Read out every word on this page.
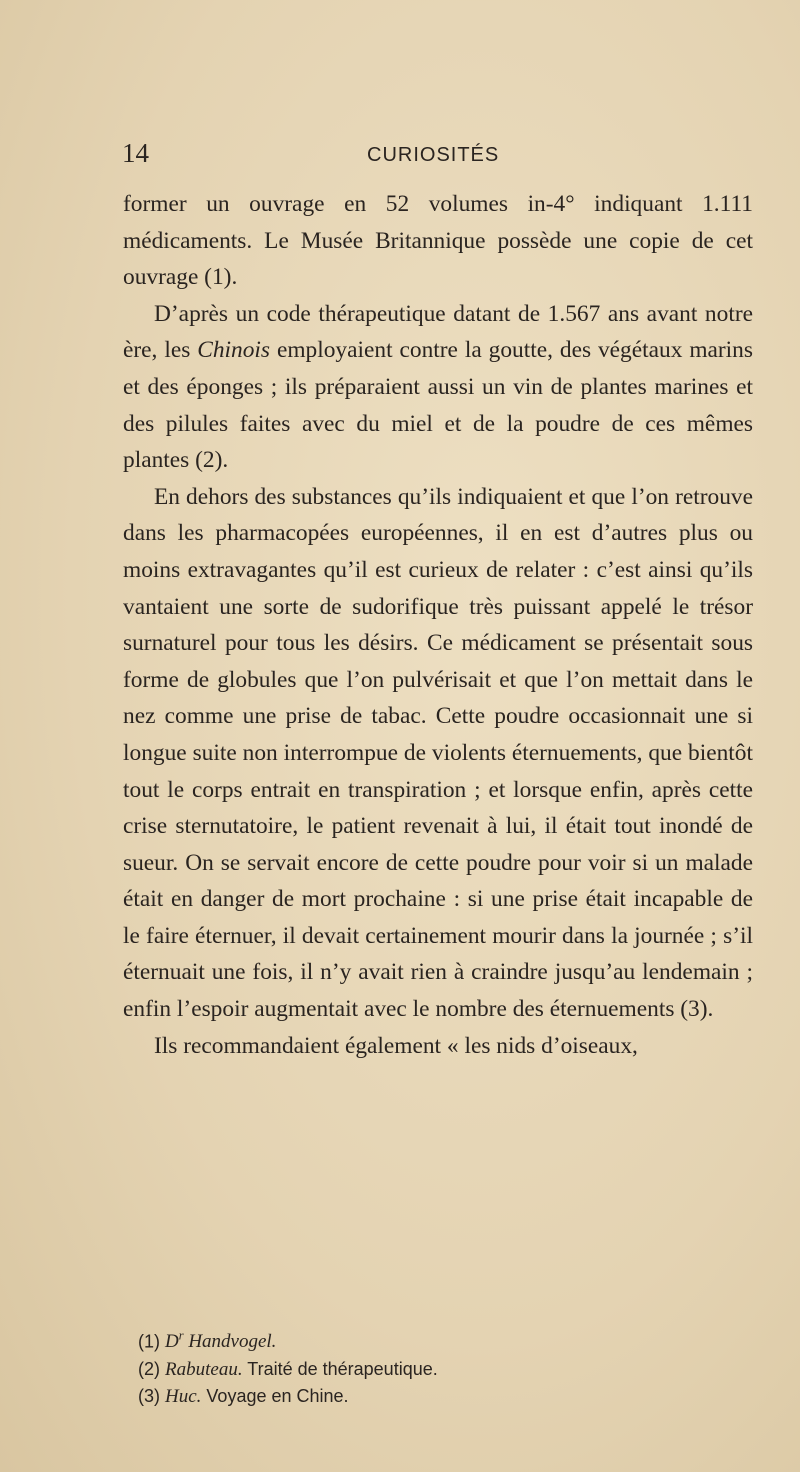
14	CURIOSITÉS

former un ouvrage en 52 volumes in-4° indiquant 1.111 médicaments. Le Musée Britannique possède une copie de cet ouvrage (1).

D’après un code thérapeutique datant de 1.567 ans avant notre ère, les Chinois employaient contre la goutte, des végétaux marins et des éponges ; ils préparaient aussi un vin de plantes marines et des pilules faites avec du miel et de la poudre de ces mêmes plantes (2).

En dehors des substances qu’ils indiquaient et que l’on retrouve dans les pharmacopées européennes, il en est d’autres plus ou moins extravagantes qu’il est curieux de relater : c’est ainsi qu’ils vantaient une sorte de sudorifique très puissant appelé le trésor surnaturel pour tous les désirs. Ce médicament se présentait sous forme de globules que l’on pulvérisait et que l’on mettait dans le nez comme une prise de tabac. Cette poudre occasionnait une si longue suite non interrompue de violents éternuements, que bientôt tout le corps entrait en transpiration ; et lorsque enfin, après cette crise sternutatoire, le patient revenait à lui, il était tout inondé de sueur. On se servait encore de cette poudre pour voir si un malade était en danger de mort prochaine : si une prise était incapable de le faire éternuer, il devait certainement mourir dans la journée ; s’il éternuait une fois, il n’y avait rien à craindre jusqu’au lendemain ; enfin l’espoir augmentait avec le nombre des éternuements (3).

Ils recommandaient également « les nids d’oiseaux,

(1) $D^r$ Handvogel.
(2) Rabuteau. Traité de thérapeutique.
(3) Huc. Voyage en Chine.
